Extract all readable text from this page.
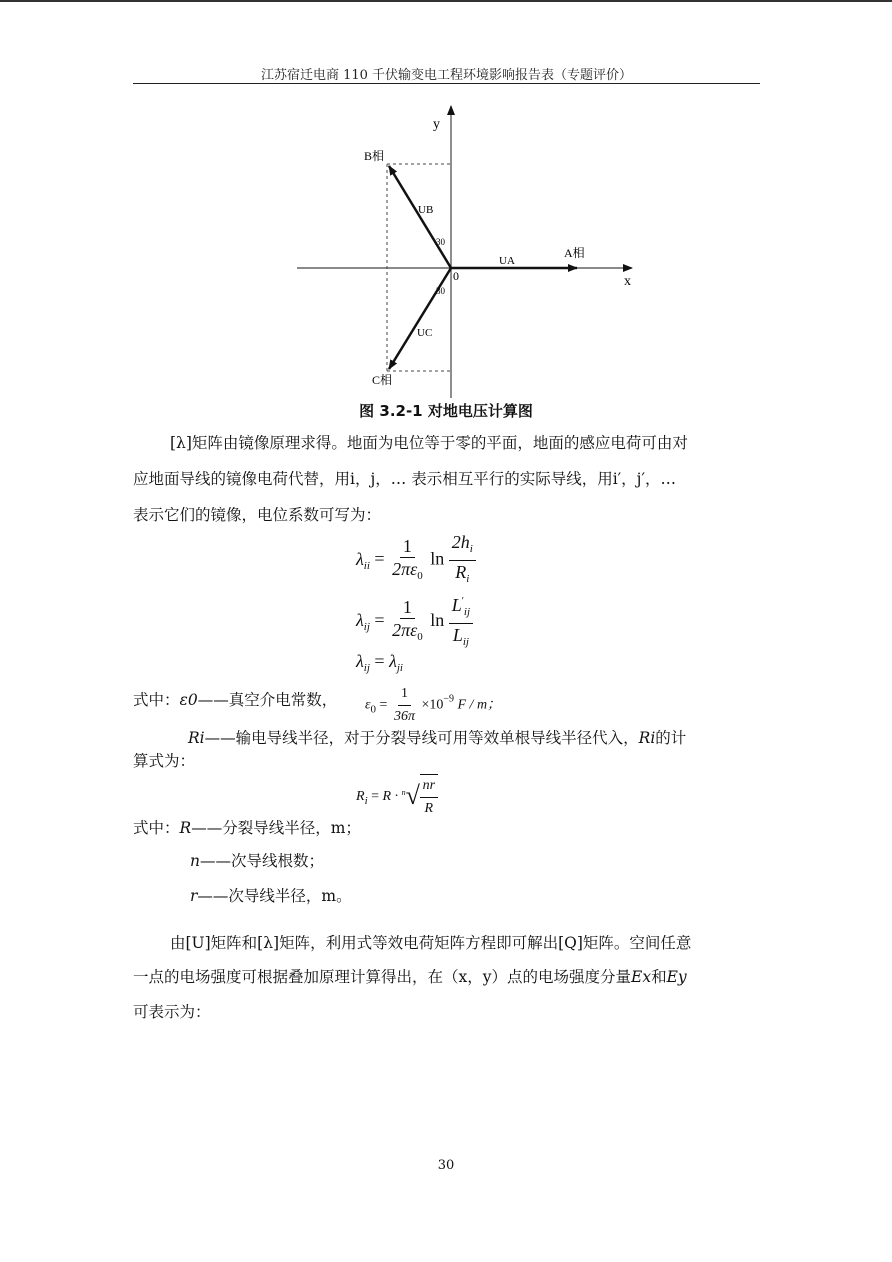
江苏宿迁电商 110 千伏输变电工程环境影响报告表（专题评价）
y
x
0
A相
B相
C相
UA
UB
UC
30
30
图 3.2-1 对地电压计算图
[λ]矩阵由镜像原理求得。地面为电位等于零的平面，地面的感应电荷可由对
应地面导线的镜像电荷代替，用i，j，… 表示相互平行的实际导线，用i′，j′，…
表示它们的镜像，电位系数可写为：
$\lambda_{ii} = \frac{1}{2\pi\varepsilon_0}$ $\ln \frac{2h_i}{R_i}$
$\lambda_{ij} = \frac{1}{2\pi\varepsilon_0}$ $\ln \frac{L'_{ij}}{L_{ij}}$
$\lambda_{ij} = \lambda_{ji}$
式中：ε0——真空介电常数，	$\varepsilon_0 = \frac{1}{36\pi} \times 10^{-9}$ F / m；
Ri——输电导线半径，对于分裂导线可用等效单根导线半径代入，Ri的计
算式为：
$R_i = R \cdot n$ √ $\frac{nr}{R}$
式中：R——分裂导线半径，m；
n——次导线根数；
r——次导线半径，m。
由[U]矩阵和[λ]矩阵，利用式等效电荷矩阵方程即可解出[Q]矩阵。空间任意
一点的电场强度可根据叠加原理计算得出，在（x，y）点的电场强度分量Ex和Ey
可表示为：
30
